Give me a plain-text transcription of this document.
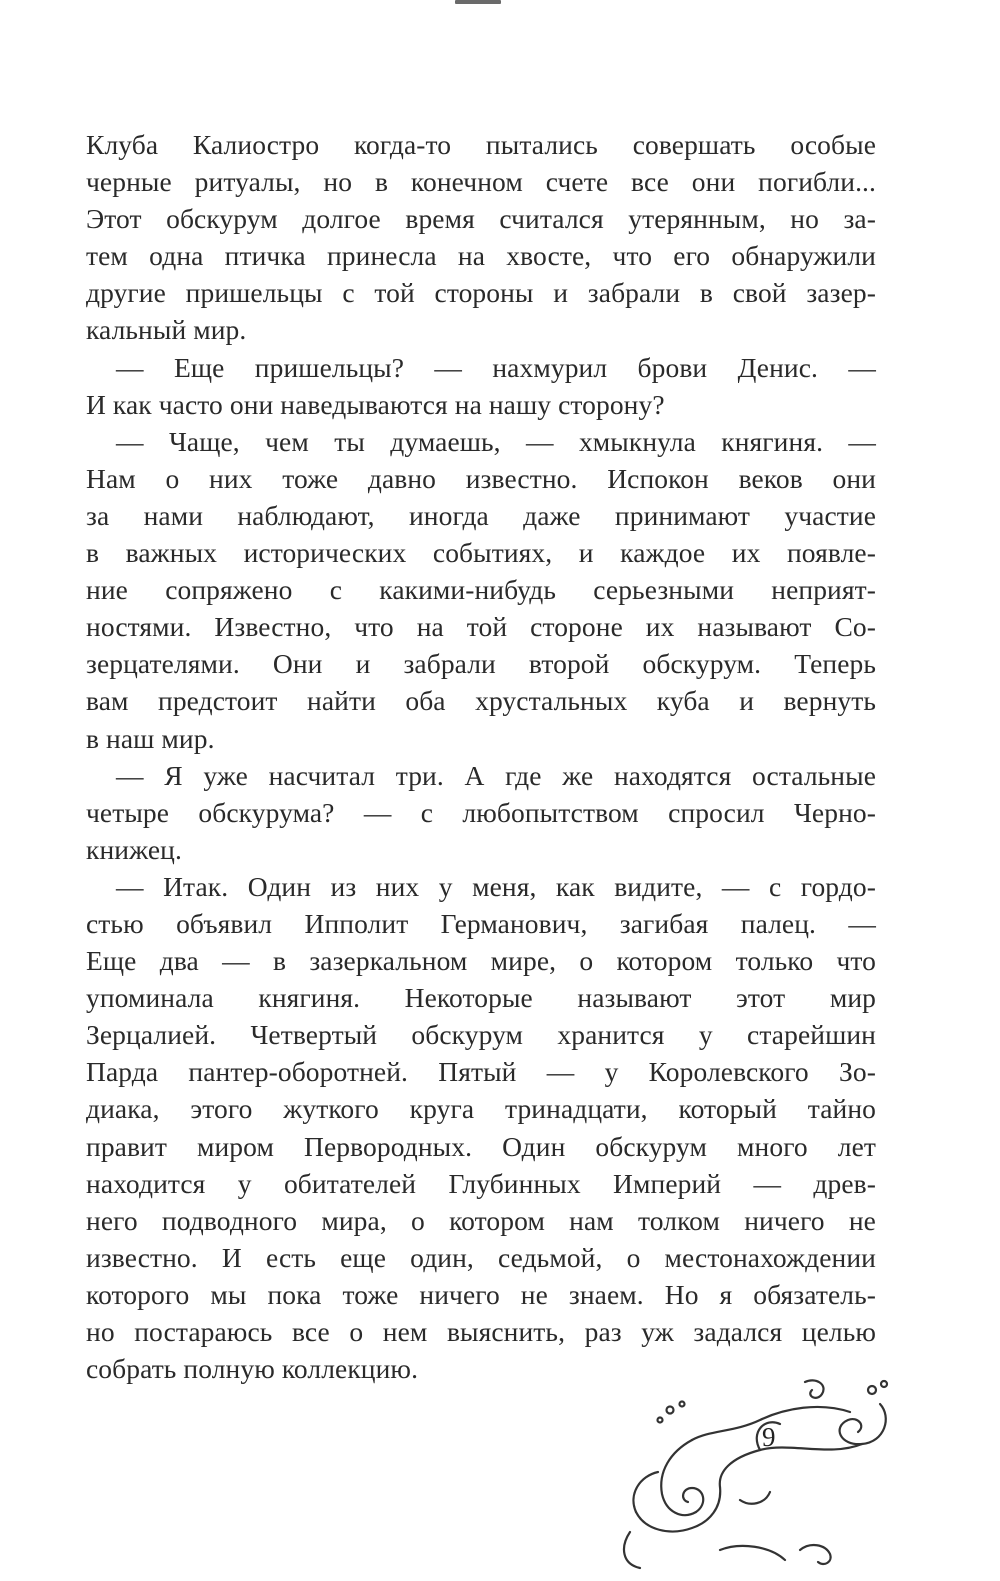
Клуба Калиостро когда-то пытались совершать особые
черные ритуалы, но в конечном счете все они погибли...
Этот обскурум долгое время считался утерянным, но за-
тем одна птичка принесла на хвосте, что его обнаружили
другие пришельцы с той стороны и забрали в свой зазер-
кальный мир.
— Еще пришельцы? — нахмурил брови Денис. —
И как часто они наведываются на нашу сторону?
— Чаще, чем ты думаешь, — хмыкнула княгиня. —
Нам о них тоже давно известно. Испокон веков они
за нами наблюдают, иногда даже принимают участие
в важных исторических событиях, и каждое их появле-
ние сопряжено с какими-нибудь серьезными неприят-
ностями. Известно, что на той стороне их называют Со-
зерцателями. Они и забрали второй обскурум. Теперь
вам предстоит найти оба хрустальных куба и вернуть
в наш мир.
— Я уже насчитал три. А где же находятся остальные
четыре обскурума? — с любопытством спросил Черно-
книжец.
— Итак. Один из них у меня, как видите, — с гордо-
стью объявил Ипполит Германович, загибая палец. —
Еще два — в зазеркальном мире, о котором только что
упоминала княгиня. Некоторые называют этот мир
Зерцалией. Четвертый обскурум хранится у старейшин
Парда пантер-оборотней. Пятый — у Королевского Зо-
диака, этого жуткого круга тринадцати, который тайно
правит миром Первородных. Один обскурум много лет
находится у обитателей Глубинных Империй — древ-
него подводного мира, о котором нам толком ничего не
известно. И есть еще один, седьмой, о местонахождении
которого мы пока тоже ничего не знаем. Но я обязатель-
но постараюсь все о нем выяснить, раз уж задался целью
собрать полную коллекцию.
9
